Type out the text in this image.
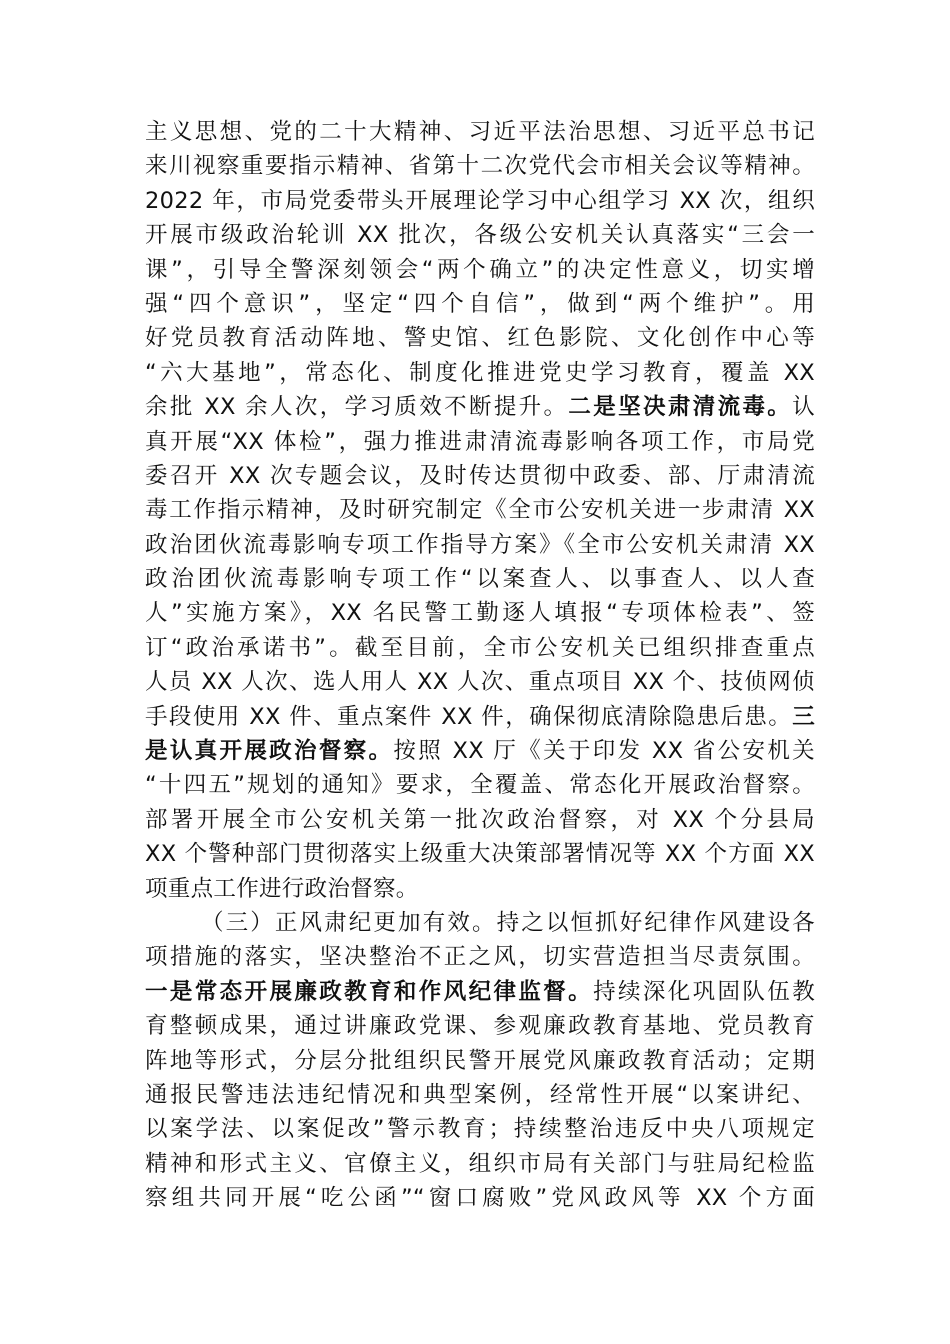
主义思想、党的二十大精神、习近平法治思想、习近平总书记
来川视察重要指示精神、省第十二次党代会市相关会议等精神。
2022 年，市局党委带头开展理论学习中心组学习 XX 次，组织
开展市级政治轮训 XX 批次，各级公安机关认真落实“三会一
课”，引导全警深刻领会“两个确立”的决定性意义，切实增
强“四个意识”，坚定“四个自信”，做到“两个维护”。用
好党员教育活动阵地、警史馆、红色影院、文化创作中心等
“六大基地”，常态化、制度化推进党史学习教育，覆盖 XX
余批 XX 余人次，学习质效不断提升。二是坚决肃清流毒。认
真开展“XX 体检”，强力推进肃清流毒影响各项工作，市局党
委召开 XX 次专题会议，及时传达贯彻中政委、部、厅肃清流
毒工作指示精神，及时研究制定《全市公安机关进一步肃清 XX
政治团伙流毒影响专项工作指导方案》《全市公安机关肃清 XX
政治团伙流毒影响专项工作“以案查人、以事查人、以人查
人”实施方案》，XX 名民警工勤逐人填报“专项体检表”、签
订“政治承诺书”。截至目前，全市公安机关已组织排查重点
人员 XX 人次、选人用人 XX 人次、重点项目 XX 个、技侦网侦
手段使用 XX 件、重点案件 XX 件，确保彻底清除隐患后患。三
是认真开展政治督察。按照 XX 厅《关于印发 XX 省公安机关
“十四五”规划的通知》要求，全覆盖、常态化开展政治督察。
部署开展全市公安机关第一批次政治督察，对 XX 个分县局
XX 个警种部门贯彻落实上级重大决策部署情况等 XX 个方面 XX
项重点工作进行政治督察。
（三）正风肃纪更加有效。持之以恒抓好纪律作风建设各
项措施的落实，坚决整治不正之风，切实营造担当尽责氛围。
一是常态开展廉政教育和作风纪律监督。持续深化巩固队伍教
育整顿成果，通过讲廉政党课、参观廉政教育基地、党员教育
阵地等形式，分层分批组织民警开展党风廉政教育活动；定期
通报民警违法违纪情况和典型案例，经常性开展“以案讲纪、
以案学法、以案促改”警示教育；持续整治违反中央八项规定
精神和形式主义、官僚主义，组织市局有关部门与驻局纪检监
察组共同开展“吃公函”“窗口腐败”党风政风等 XX 个方面
